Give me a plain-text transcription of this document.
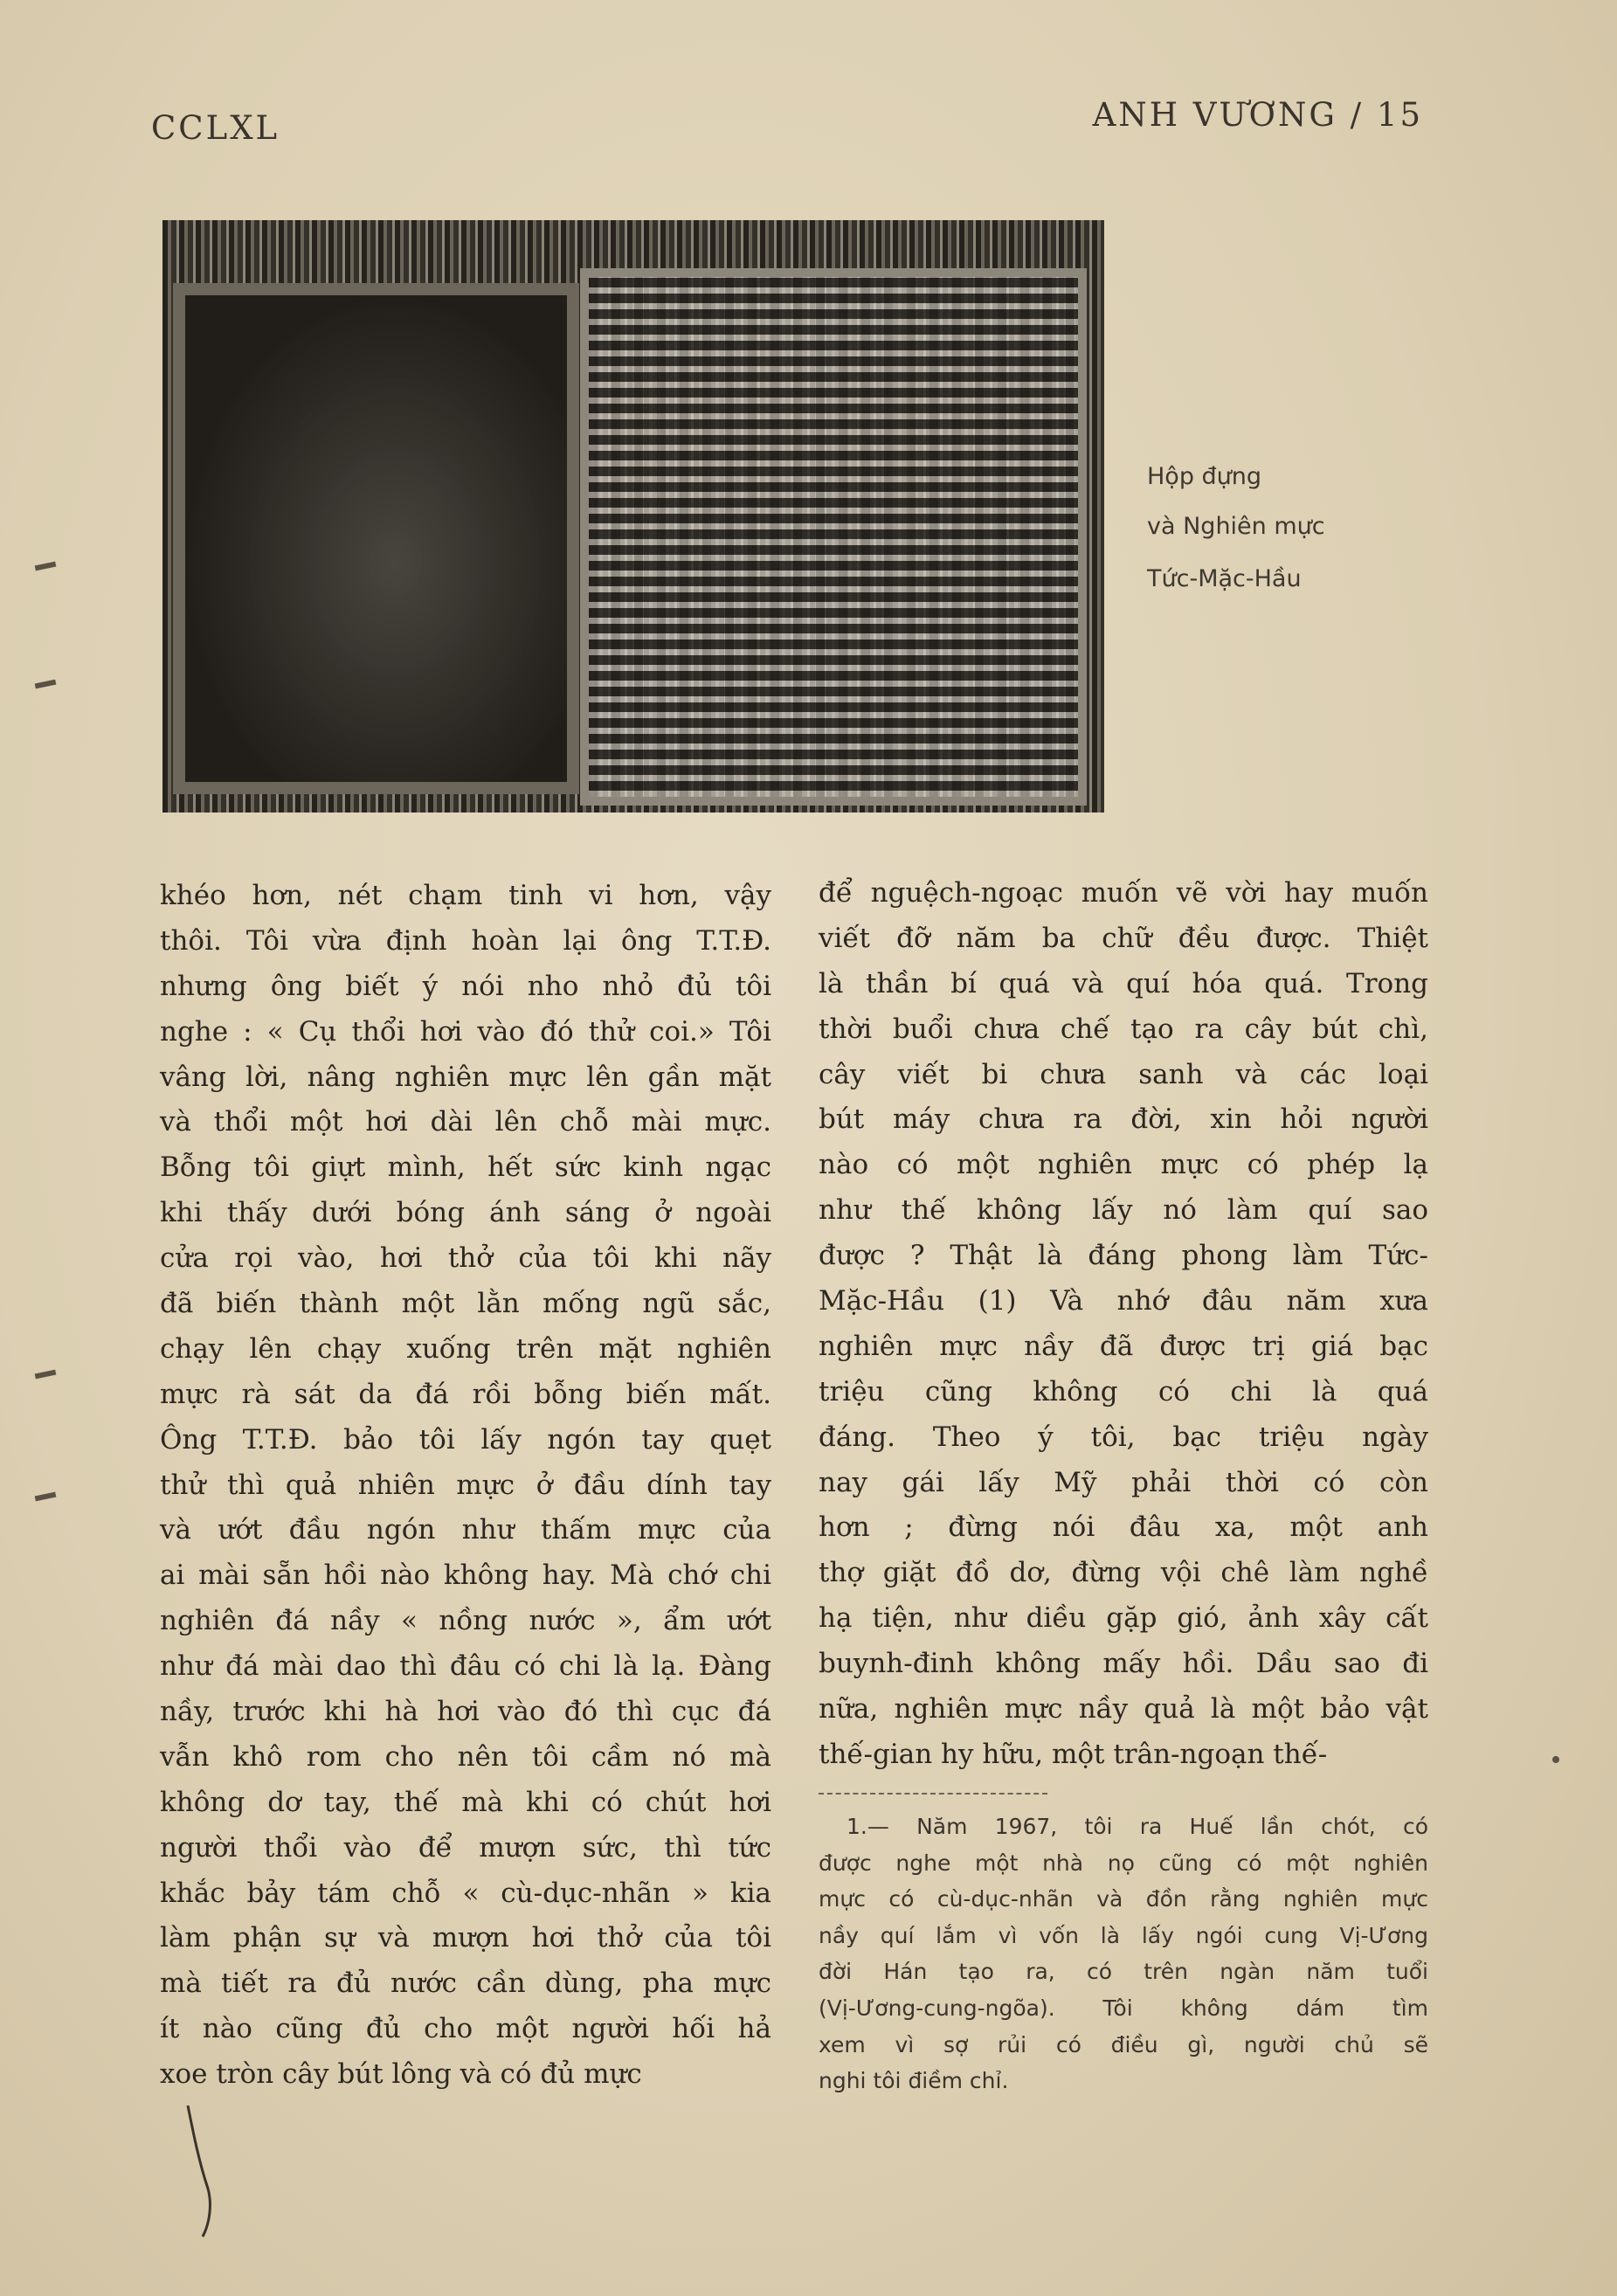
CCLXL	ANH VƯƠNG / 15
Hộp đựng
và Nghiên mực
Tức-Mặc-Hầu
khéo hơn, nét chạm tinh vi hơn, vậy
thôi. Tôi vừa định hoàn lại ông T.T.Đ.
nhưng ông biết ý nói nho nhỏ đủ tôi
nghe : « Cụ thổi hơi vào đó thử coi.» Tôi
vâng lời, nâng nghiên mực lên gần mặt
và thổi một hơi dài lên chỗ mài mực.
Bỗng tôi giựt mình, hết sức kinh ngạc
khi thấy dưới bóng ánh sáng ở ngoài
cửa rọi vào, hơi thở của tôi khi nãy
đã biến thành một lằn mống ngũ sắc,
chạy lên chạy xuống trên mặt nghiên
mực rà sát da đá rồi bỗng biến mất.
Ông T.T.Đ. bảo tôi lấy ngón tay quẹt
thử thì quả nhiên mực ở đầu dính tay
và ướt đầu ngón như thấm mực của
ai mài sẵn hồi nào không hay. Mà chớ chi
nghiên đá nầy « nồng nước », ẩm ướt
như đá mài dao thì đâu có chi là lạ. Đàng
nầy, trước khi hà hơi vào đó thì cục đá
vẫn khô rom cho nên tôi cầm nó mà
không dơ tay, thế mà khi có chút hơi
người thổi vào để mượn sức, thì tức
khắc bảy tám chỗ « cù-dục-nhãn » kia
làm phận sự và mượn hơi thở của tôi
mà tiết ra đủ nước cần dùng, pha mực
ít nào cũng đủ cho một người hối hả
xoe tròn cây bút lông và có đủ mực
để nguệch-ngoạc muốn vẽ vời hay muốn
viết đỡ năm ba chữ đều được. Thiệt
là thần bí quá và quí hóa quá. Trong
thời buổi chưa chế tạo ra cây bút chì,
cây viết bi chưa sanh và các loại
bút máy chưa ra đời, xin hỏi người
nào có một nghiên mực có phép lạ
như thế không lấy nó làm quí sao
được ? Thật là đáng phong làm Tức-
Mặc-Hầu (1) Và nhớ đâu năm xưa
nghiên mực nầy đã được trị giá bạc
triệu cũng không có chi là quá
đáng. Theo ý tôi, bạc triệu ngày
nay gái lấy Mỹ phải thời có còn
hơn ; đừng nói đâu xa, một anh
thợ giặt đồ dơ, đừng vội chê làm nghề
hạ tiện, như diều gặp gió, ảnh xây cất
buynh-đinh không mấy hồi. Dầu sao đi
nữa, nghiên mực nầy quả là một bảo vật
thế-gian hy hữu, một trân-ngoạn thế-
1.— Năm 1967, tôi ra Huế lần chót, có
được nghe một nhà nọ cũng có một nghiên
mực có cù-dục-nhãn và đồn rằng nghiên mực
nầy quí lắm vì vốn là lấy ngói cung Vị-Ương
đời Hán tạo ra, có trên ngàn năm tuổi
(Vị-Ương-cung-ngõa). Tôi không dám tìm
xem vì sợ rủi có điều gì, người chủ sẽ
nghi tôi điềm chỉ.
